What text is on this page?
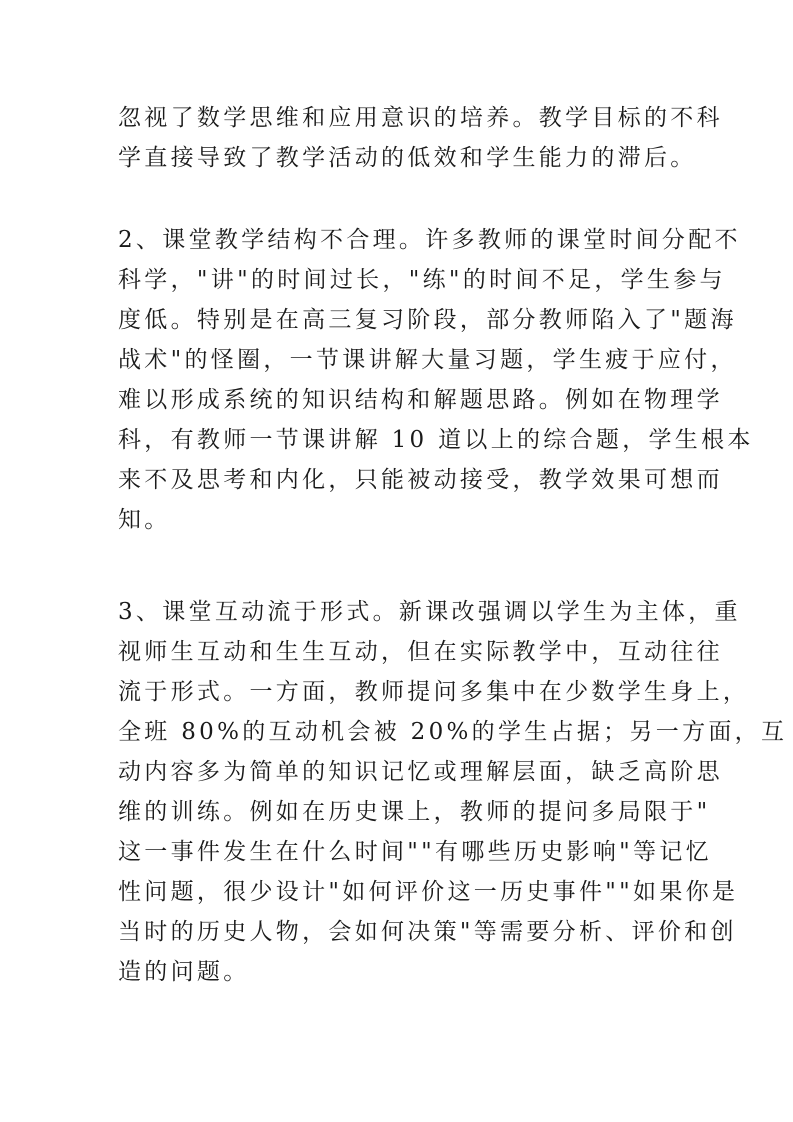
忽视了数学思维和应用意识的培养。教学目标的不科
学直接导致了教学活动的低效和学生能力的滞后。
2、课堂教学结构不合理。许多教师的课堂时间分配不
科学，"讲"的时间过长，"练"的时间不足，学生参与
度低。特别是在高三复习阶段，部分教师陷入了"题海
战术"的怪圈，一节课讲解大量习题，学生疲于应付，
难以形成系统的知识结构和解题思路。例如在物理学
科，有教师一节课讲解 10 道以上的综合题，学生根本
来不及思考和内化，只能被动接受，教学效果可想而
知。
3、课堂互动流于形式。新课改强调以学生为主体，重
视师生互动和生生互动，但在实际教学中，互动往往
流于形式。一方面，教师提问多集中在少数学生身上，
全班 80%的互动机会被 20%的学生占据；另一方面，互
动内容多为简单的知识记忆或理解层面，缺乏高阶思
维的训练。例如在历史课上，教师的提问多局限于"
这一事件发生在什么时间""有哪些历史影响"等记忆
性问题，很少设计"如何评价这一历史事件""如果你是
当时的历史人物，会如何决策"等需要分析、评价和创
造的问题。
